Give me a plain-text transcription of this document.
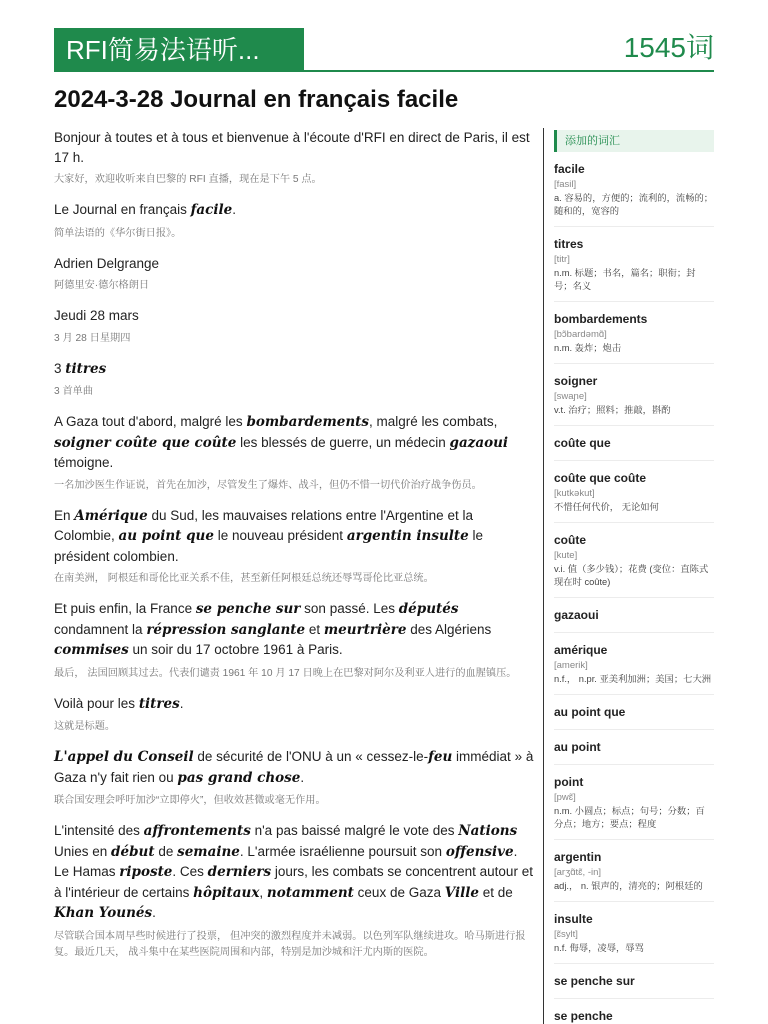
RFI简易法语听...	1545词
2024-3-28 Journal en français facile
Bonjour à toutes et à tous et bienvenue à l'écoute d'RFI en direct de Paris, il est 17 h.
大家好，欢迎收听来自巴黎的 RFI 直播，现在是下午 5 点。
Le Journal en français facile.
简单法语的《华尔街日报》。
Adrien Delgrange
阿德里安·德尔格朗日
Jeudi 28 mars
3 月 28 日星期四
3 titres
3 首单曲
A Gaza tout d'abord, malgré les bombardements, malgré les combats, soigner coûte que coûte les blessés de guerre, un médecin gazaoui témoigne.
一名加沙医生作证说，首先在加沙，尽管发生了爆炸、战斗，但仍不惜一切代价治疗战争伤员。
En Amérique du Sud, les mauvaises relations entre l'Argentine et la Colombie, au point que le nouveau président argentin insulte le président colombien.
在南美洲， 阿根廷和哥伦比亚关系不佳，甚至新任阿根廷总统还辱骂哥伦比亚总统。
Et puis enfin, la France se penche sur son passé. Les députés condamnent la répression sanglante et meurtrière des Algériens commises un soir du 17 octobre 1961 à Paris.
最后， 法国回顾其过去。代表们谴责 1961 年 10 月 17 日晚上在巴黎对阿尔及利亚人进行的血腥镇压。
Voilà pour les titres.
这就是标题。
L'appel du Conseil de sécurité de l'ONU à un « cessez-le-feu immédiat » à Gaza n'y fait rien ou pas grand chose.
联合国安理会呼吁加沙“立即停火”，但收效甚微或毫无作用。
L'intensité des affrontements n'a pas baissé malgré le vote des Nations Unies en début de semaine. L'armée israélienne poursuit son offensive. Le Hamas riposte. Ces derniers jours, les combats se concentrent autour et à l'intérieur de certains hôpitaux, notamment ceux de Gaza Ville et de Khan Younés.
尽管联合国本周早些时候进行了投票， 但冲突的激烈程度并未减弱。以色列军队继续进攻。哈马斯进行报复。最近几天， 战斗集中在某些医院周围和内部，特别是加沙城和汗尤内斯的医院。
添加的词汇
facile
[fasil]
a. 容易的，方便的；流利的，流畅的；随和的，宽容的
titres
[titr]
n.m. 标题；书名，篇名；职衔；封号；名义
bombardements
[bɔ̃bardəmɑ̃]
n.m. 轰炸；炮击
soigner
[swaɲe]
v.t. 治疗；照料；推敲，斟酌
coûte que
coûte que coûte
[kutkəkut]
不惜任何代价， 无论如何
coûte
[kute]
v.i. 值（多少钱）；花费 (变位：直陈式 现在时 coûte)
gazaoui
amérique
[amerik]
n.f.， n.pr. 亚美利加洲；美国；七大洲
au point que
au point
point
[pwɛ̃]
n.m. 小圆点；标点；句号；分数；百分点；地方；要点；程度
argentin
[arʒɑ̃tɛ̃, -in]
adj.， n. 银声的，清亮的；阿根廷的
insulte
[ɛ̃sylt]
n.f. 侮辱，凌辱，辱骂
se penche sur
se penche
